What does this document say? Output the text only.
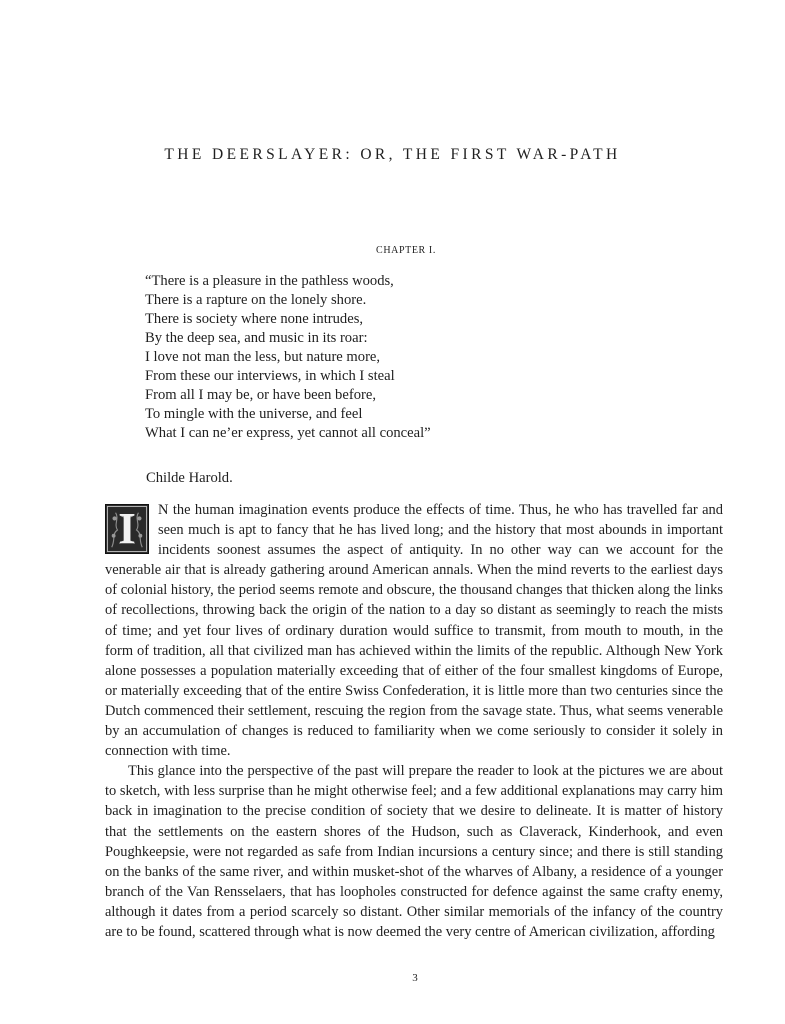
THE DEERSLAYER: OR, THE FIRST WAR-PATH
CHAPTER I.
“There is a pleasure in the pathless woods,
There is a rapture on the lonely shore.
There is society where none intrudes,
By the deep sea, and music in its roar:
I love not man the less, but nature more,
From these our interviews, in which I steal
From all I may be, or have been before,
To mingle with the universe, and feel
What I can ne’er express, yet cannot all conceal”

Childe Harold.

I	N the human imagination events produce the effects of time. Thus, he who has travelled far and seen much is apt to fancy that he has lived long; and the history that most abounds in important incidents soonest assumes the aspect of antiquity. In no other way can we account for the venerable air that is already gathering around American annals. When the mind reverts to the earliest days of colonial history, the period seems remote and obscure, the thousand changes that thicken along the links of recollections, throwing back the origin of the nation to a day so distant as seemingly to reach the mists of time; and yet four lives of ordinary duration would suffice to transmit, from mouth to mouth, in the form of tradition, all that civilized man has achieved within the limits of the republic. Although New York alone possesses a population materially exceeding that of either of the four smallest kingdoms of Europe, or materially exceeding that of the entire Swiss Confederation, it is little more than two centuries since the Dutch commenced their settlement, rescuing the region from the savage state. Thus, what seems venerable by an accumulation of changes is reduced to familiarity when we come seriously to consider it solely in connection with time.

This glance into the perspective of the past will prepare the reader to look at the pictures we are about to sketch, with less surprise than he might otherwise feel; and a few additional explanations may carry him back in imagination to the precise condition of society that we desire to delineate. It is matter of history that the settlements on the eastern shores of the Hudson, such as Claverack, Kinderhook, and even Poughkeepsie, were not regarded as safe from Indian incursions a century since; and there is still standing on the banks of the same river, and within musket-shot of the wharves of Albany, a residence of a younger branch of the Van Rensselaers, that has loopholes constructed for defence against the same crafty enemy, although it dates from a period scarcely so distant. Other similar memorials of the infancy of the country are to be found, scattered through what is now deemed the very centre of American civilization, affording

3
